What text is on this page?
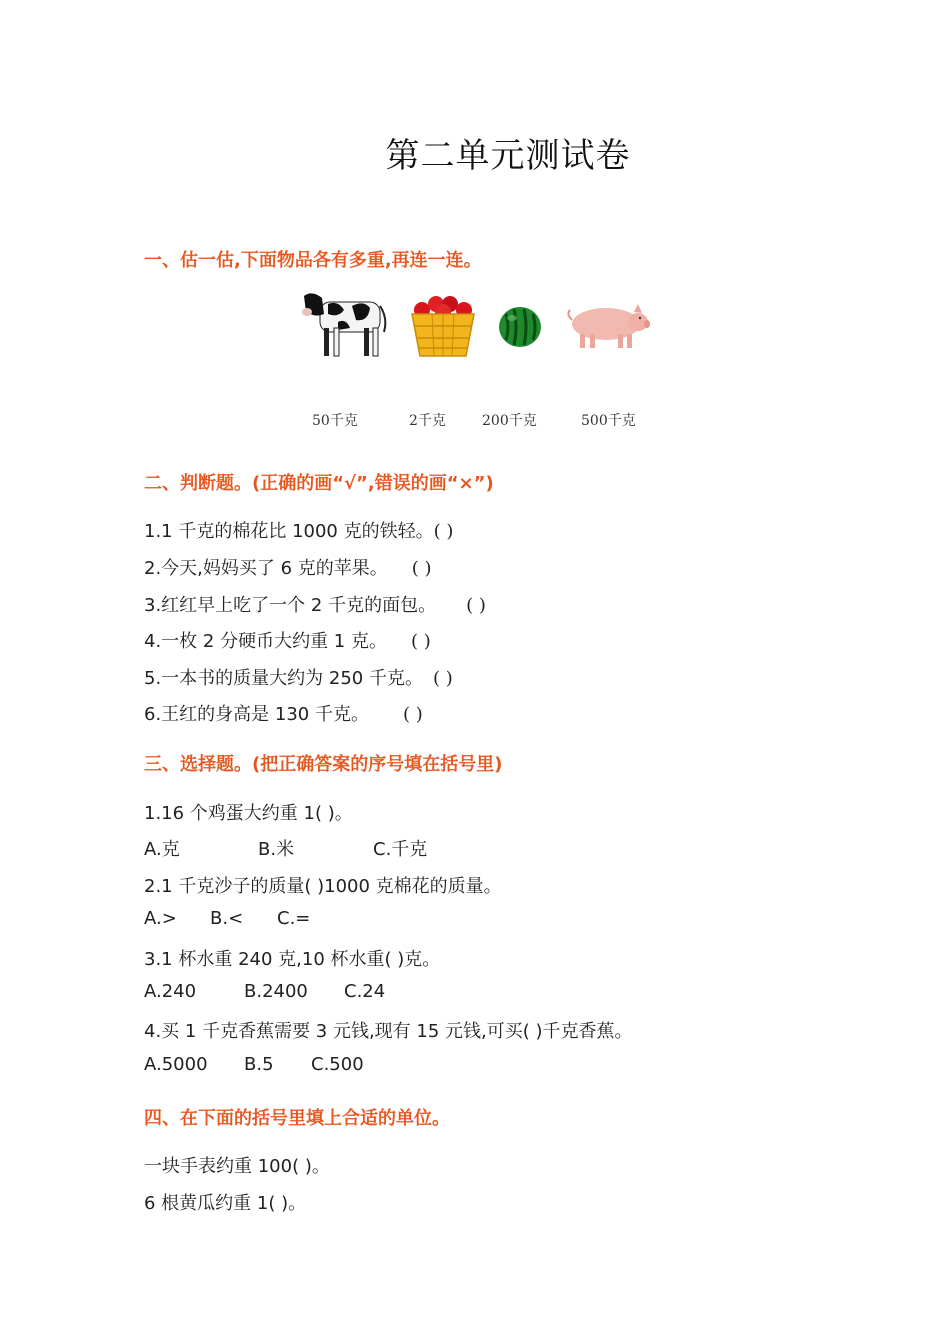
第二单元测试卷
一、估一估,下面物品各有多重,再连一连。
50千克	2千克	200千克	500千克
二、判断题。(正确的画“√”,错误的画“×”)
1.1 千克的棉花比 1000 克的铁轻。( )
2.今天,妈妈买了 6 克的苹果。 ( )
3.红红早上吃了一个 2 千克的面包。 ( )
4.一枚 2 分硬币大约重 1 克。 ( )
5.一本书的质量大约为 250 千克。 ( )
6.王红的身高是 130 千克。 ( )
三、选择题。(把正确答案的序号填在括号里)
1.16 个鸡蛋大约重 1( )。
A.克	B.米	C.千克
2.1 千克沙子的质量( )1000 克棉花的质量。
A.> B.< C.=
3.1 杯水重 240 克,10 杯水重( )克。
A.240	B.2400 C.24
4.买 1 千克香蕉需要 3 元钱,现有 15 元钱,可买( )千克香蕉。
A.5000 B.5 C.500
四、在下面的括号里填上合适的单位。
一块手表约重 100( )。
6 根黄瓜约重 1( )。
